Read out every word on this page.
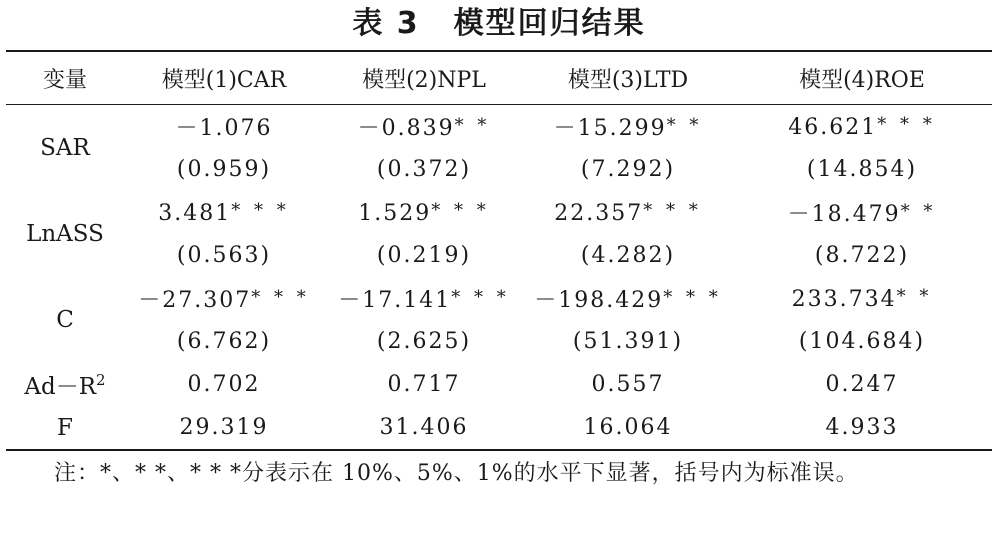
表 3 模型回归结果
变量	模型(1)CAR	模型(2)NPL	模型(3)LTD	模型(4)ROE
SAR	－1.076	－0.839* *	－15.299* *	46.621* * *
	(0.959)	(0.372)	(7.292)	(14.854)
LnASS	3.481* * *	1.529* * *	22.357* * *	－18.479* *
	(0.563)	(0.219)	(4.282)	(8.722)
C	－27.307* * *	－17.141* * *	－198.429* * *	233.734* *
	(6.762)	(2.625)	(51.391)	(104.684)
$Ad-R^2$	0.702	0.717	0.557	0.247
F	29.319	31.406	16.064	4.933
注：*、* *、* * *分表示在 10%、5%、1%的水平下显著，括号内为标准误。
